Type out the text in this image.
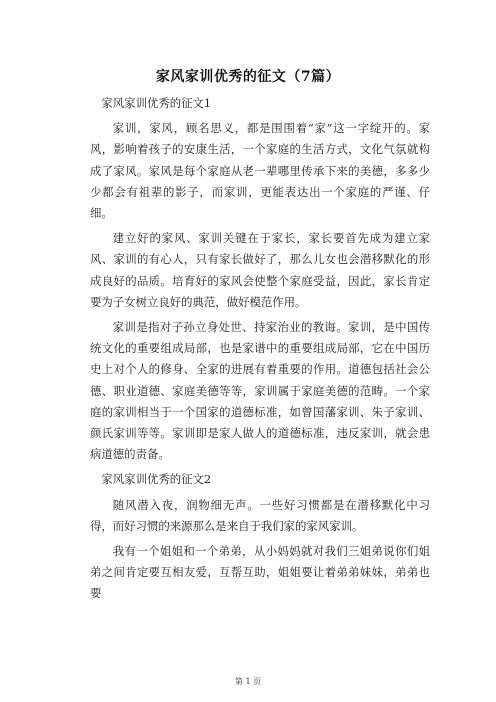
家风家训优秀的征文（7篇）

家风家训优秀的征文1

家训，家风，顾名思义，都是围围着“家”这一字绽开的。家风，影响着孩子的安康生活，一个家庭的生活方式，文化气氛就构成了家风。家风是每个家庭从老一辈哪里传承下来的美德，多多少少都会有祖辈的影子，而家训，更能表达出一个家庭的严谨、仔细。

建立好的家风、家训关键在于家长，家长要首先成为建立家风、家训的有心人，只有家长做好了，那么儿女也会潜移默化的形成良好的品质。培育好的家风会使整个家庭受益，因此，家长肯定要为子女树立良好的典范，做好模范作用。

家训是指对子孙立身处世、持家治业的教诲。家训，是中国传统文化的重要组成局部，也是家谱中的重要组成局部，它在中国历史上对个人的修身、全家的进展有着重要的作用。道德包括社会公德、职业道德、家庭美德等等，家训属于家庭美德的范畴。一个家庭的家训相当于一个国家的道德标准，如曾国藩家训、朱子家训、颜氏家训等等。家训即是家人做人的道德标准，违反家训，就会患病道德的责备。

家风家训优秀的征文2

随风潜入夜，润物细无声。一些好习惯都是在潜移默化中习得，而好习惯的来源那么是来自于我们家的家风家训。

我有一个姐姐和一个弟弟，从小妈妈就对我们三姐弟说你们姐弟之间肯定要互相友爱，互帮互助，姐姐要让着弟弟妹妹，弟弟也要

第 1 页
